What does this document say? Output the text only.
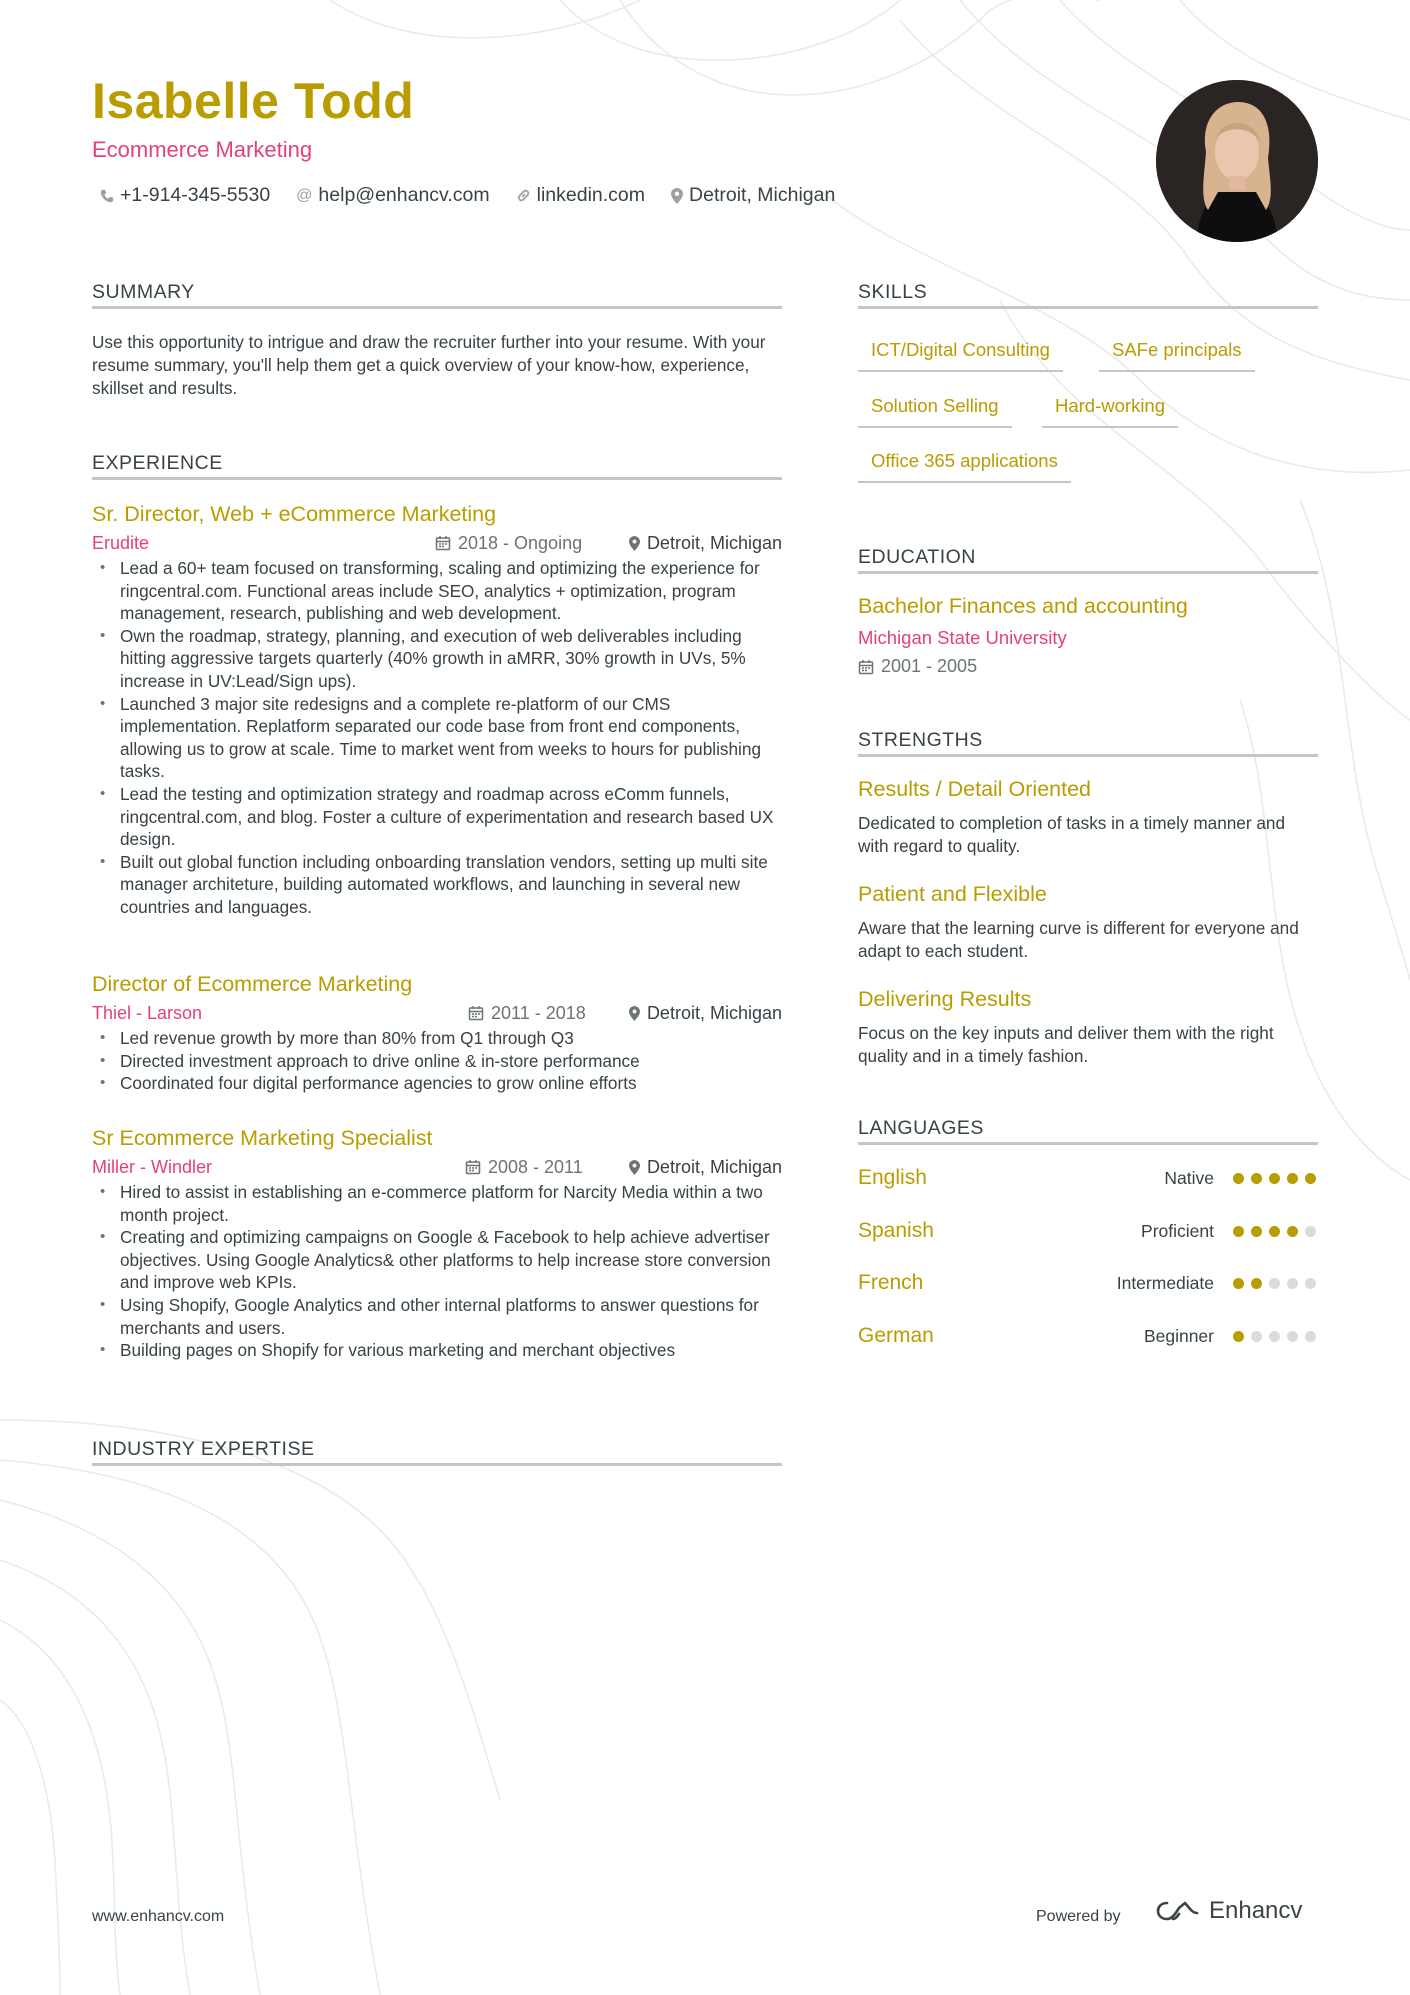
Isabelle Todd
Ecommerce Marketing
+1-914-345-5530 @ help@enhancv.com linkedin.com Detroit, Michigan
SUMMARY

Use this opportunity to intrigue and draw the recruiter further into your resume. With your resume summary, you'll help them get a quick overview of your know-how, experience, skillset and results.

EXPERIENCE
Sr. Director, Web + eCommerce Marketing
Erudite	2018 - Ongoing	Detroit, Michigan
• Lead a 60+ team focused on transforming, scaling and optimizing the experience for ringcentral.com. Functional areas include SEO, analytics + optimization, program management, research, publishing and web development.
• Own the roadmap, strategy, planning, and execution of web deliverables including hitting aggressive targets quarterly (40% growth in aMRR, 30% growth in UVs, 5% increase in UV:Lead/Sign ups).
• Launched 3 major site redesigns and a complete re-platform of our CMS implementation. Replatform separated our code base from front end components, allowing us to grow at scale. Time to market went from weeks to hours for publishing tasks.
• Lead the testing and optimization strategy and roadmap across eComm funnels, ringcentral.com, and blog. Foster a culture of experimentation and research based UX design.
• Built out global function including onboarding translation vendors, setting up multi site manager architeture, building automated workflows, and launching in several new countries and languages.
Director of Ecommerce Marketing
Thiel - Larson	2011 - 2018	Detroit, Michigan
• Led revenue growth by more than 80% from Q1 through Q3
• Directed investment approach to drive online & in-store performance
• Coordinated four digital performance agencies to grow online efforts
Sr Ecommerce Marketing Specialist
Miller - Windler	2008 - 2011	Detroit, Michigan
• Hired to assist in establishing an e-commerce platform for Narcity Media within a two month project.
• Creating and optimizing campaigns on Google & Facebook to help achieve advertiser objectives. Using Google Analytics& other platforms to help increase store conversion and improve web KPIs.
• Using Shopify, Google Analytics and other internal platforms to answer questions for merchants and users.
• Building pages on Shopify for various marketing and merchant objectives
INDUSTRY EXPERTISE
SKILLS
ICT/Digital Consulting	SAFe principals
Solution Selling	Hard-working
Office 365 applications
EDUCATION
Bachelor Finances and accounting
Michigan State University
2001 - 2005
STRENGTHS
Results / Detail Oriented
Dedicated to completion of tasks in a timely manner and with regard to quality.
Patient and Flexible
Aware that the learning curve is different for everyone and adapt to each student.
Delivering Results
Focus on the key inputs and deliver them with the right quality and in a timely fashion.
LANGUAGES
English	Native
Spanish	Proficient
French	Intermediate
German	Beginner
www.enhancv.com	Powered by	Enhancv
